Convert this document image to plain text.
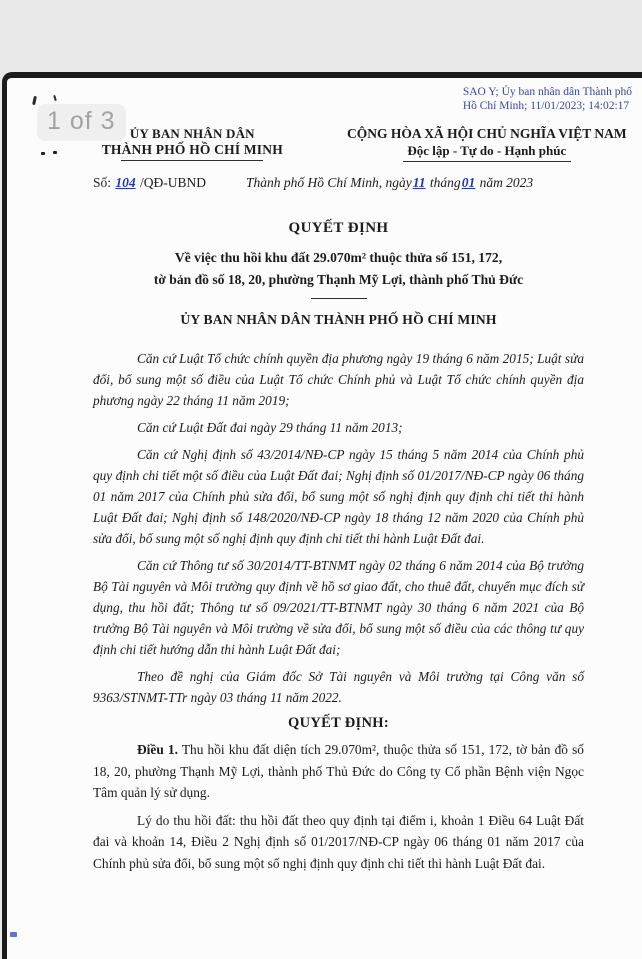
SAO Y; Ủy ban nhân dân Thành phố
Hồ Chí Minh; 11/01/2023; 14:02:17
1 of 3	ỦY BAN NHÂN DÂN
THÀNH PHỐ HỒ CHÍ MINH
CỘNG HÒA XÃ HỘI CHỦ NGHĨA VIỆT NAM
Độc lập - Tự do - Hạnh phúc
Số: 104 /QĐ-UBND	Thành phố Hồ Chí Minh, ngày11 tháng01 năm 2023
QUYẾT ĐỊNH
Về việc thu hồi khu đất 29.070m² thuộc thửa số 151, 172,
tờ bản đồ số 18, 20, phường Thạnh Mỹ Lợi, thành phố Thủ Đức
ỦY BAN NHÂN DÂN THÀNH PHỐ HỒ CHÍ MINH

Căn cứ Luật Tổ chức chính quyền địa phương ngày 19 tháng 6 năm 2015; Luật sửa đổi, bổ sung một số điều của Luật Tổ chức Chính phủ và Luật Tổ chức chính quyền địa phương ngày 22 tháng 11 năm 2019;

Căn cứ Luật Đất đai ngày 29 tháng 11 năm 2013;

Căn cứ Nghị định số 43/2014/NĐ-CP ngày 15 tháng 5 năm 2014 của Chính phủ quy định chi tiết một số điều của Luật Đất đai; Nghị định số 01/2017/NĐ-CP ngày 06 tháng 01 năm 2017 của Chính phủ sửa đổi, bổ sung một số nghị định quy định chi tiết thi hành Luật Đất đai; Nghị định số 148/2020/NĐ-CP ngày 18 tháng 12 năm 2020 của Chính phủ sửa đổi, bổ sung một số nghị định quy định chi tiết thi hành Luật Đất đai.

Căn cứ Thông tư số 30/2014/TT-BTNMT ngày 02 tháng 6 năm 2014 của Bộ trưởng Bộ Tài nguyên và Môi trường quy định về hồ sơ giao đất, cho thuê đất, chuyển mục đích sử dụng, thu hồi đất; Thông tư số 09/2021/TT-BTNMT ngày 30 tháng 6 năm 2021 của Bộ trưởng Bộ Tài nguyên và Môi trường về sửa đổi, bổ sung một số điều của các thông tư quy định chi tiết hướng dẫn thi hành Luật Đất đai;

Theo đề nghị của Giám đốc Sở Tài nguyên và Môi trường tại Công văn số 9363/STNMT-TTr ngày 03 tháng 11 năm 2022.

QUYẾT ĐỊNH:

Điều 1. Thu hồi khu đất diện tích 29.070m², thuộc thửa số 151, 172, tờ bản đồ số 18, 20, phường Thạnh Mỹ Lợi, thành phố Thủ Đức do Công ty Cổ phần Bệnh viện Ngọc Tâm quản lý sử dụng.

Lý do thu hồi đất: thu hồi đất theo quy định tại điểm i, khoản 1 Điều 64 Luật Đất đai và khoản 14, Điều 2 Nghị định số 01/2017/NĐ-CP ngày 06 tháng 01 năm 2017 của Chính phủ sửa đổi, bổ sung một số nghị định quy định chi tiết thi hành Luật Đất đai.
